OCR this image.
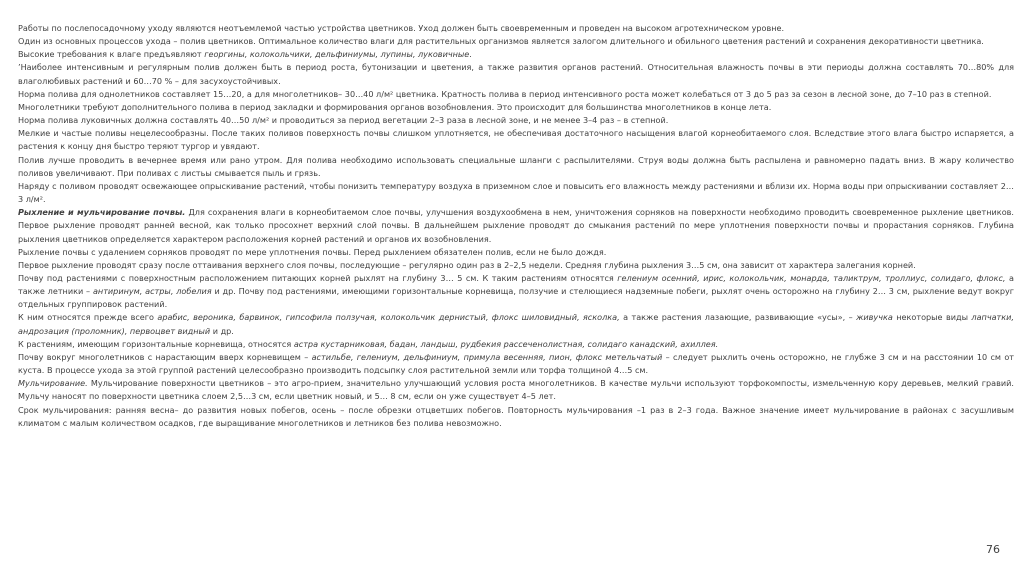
Работы по послепосадочному уходу являются неотъемлемой частью устройства цветников. Уход должен быть своевременным и проведен на высоком агротехническом уровне.

Один из основных процессов ухода – полив цветников. Оптимальное количество влаги для растительных организмов является залогом длительного и обильного цветения растений и сохранения декоративности цветника.

Высокие требования к влаге предъявляют георгины, колокольчики, дельфиниумы, лупины, луковичные.

’Наиболее интенсивным и регулярным полив должен быть в период роста, бутонизации и цветения, а также развития органов растений. Относительная влажность почвы в эти периоды должна составлять 70…80% для влаголюбивых растений и 60…70 % – для засухоустойчивых.

Норма полива для однолетников составляет 15…20, а для многолетников– 30…40 л/м² цветника. Кратность полива в период интенсивного роста может колебаться от 3 до 5 раз за сезон в лесной зоне, до 7–10 раз в степной.

Многолетники требуют дополнительного полива в период закладки и формирования органов возобновления. Это происходит для большинства многолетников в конце лета.

Норма полива луковичных должна составлять 40…50 л/м² и проводиться за период вегетации 2–3 раза в лесной зоне, и не менее 3–4 раз – в степной.

Мелкие и частые поливы нецелесообразны. После таких поливов поверхность почвы слишком уплотняется, не обеспечивая достаточного насыщения влагой корнеобитаемого слоя. Вследствие этого влага быстро испаряется, а растения к концу дня быстро теряют тургор и увядают.

Полив лучше проводить в вечернее время или рано утром. Для полива необходимо использовать специальные шланги с распылителями. Струя воды должна быть распылена и равномерно падать вниз. В жару количество поливов увеличивают. При поливах с листьы смывается пыль и грязь.

Наряду с поливом проводят освежающее опрыскивание растений, чтобы понизить температуру воздуха в приземном слое и повысить его влажность между растениями и вблизи их. Норма воды при опрыскивании составляет 2…3 л/м².

Рыхление и мульчирование почвы. Для сохранения влаги в корнеобитаемом слое почвы, улучшения воздухообмена в нем, уничтожения сорняков на поверхности необходимо проводить своевременное рыхление цветников. Первое рыхление проводят ранней весной, как только просохнет верхний слой почвы. В дальнейшем рыхление проводят до смыкания растений по мере уплотнения поверхности почвы и прорастания сорняков. Глубина рыхления цветников определяется характером расположения корней растений и органов их возобновления.

Рыхление почвы с удалением сорняков проводят по мере уплотнения почвы. Перед рыхлением обязателен полив, если не было дождя.

Первое рыхление проводят сразу после оттаивания верхнего слоя почвы, последующие – регулярно один раз в 2–2,5 недели. Средняя глубина рыхления 3…5 см, она зависит от характера залегания корней.

Почву под растениями с поверхностным расположением питающих корней рыхлят на глубину 3… 5 см. К таким растениям относятся гелениум осенний, ирис, колокольчик, монарда, таликтрум, троллиус, солидаго, флокс, а также летники – антиринум, астры, лобелия и др. Почву под растениями, имеющими горизонтальные корневища, ползучие и стелющиеся надземные побеги, рыхлят очень осторожно на глубину 2… 3 см, рыхление ведут вокруг отдельных группировок растений.

К ним относятся прежде всего арабис, вероника, барвинок, гипсофила ползучая, колокольчик дернистый, флокс шиловидный, ясколка, а также растения лазающие, развивающие «усы», – живучка некоторые виды лапчатки, андрозация (проломник), первоцвет видный и др.

К растениям, имеющим горизонтальные корневища, относятся астра кустарниковая, бадан, ландыш, рудбекия рассеченолистная, солидаго канадский, ахиллея.

Почву вокруг многолетников с нарастающим вверх корневищем – астильбе, гелениум, дельфиниум, примула весенняя, пион, флокс метельчатый – следует рыхлить очень осторожно, не глубже 3 см и на расстоянии 10 см от куста. В процессе ухода за этой группой растений целесообразно производить подсыпку слоя растительной земли или торфа толщиной 4…5 см.

Мульчирование. Мульчирование поверхности цветников – это агро-прием, значительно улучшающий условия роста многолетников. В качестве мульчи используют торфокомпосты, измельченную кору деревьев, мелкий гравий. Мульчу наносят по поверхности цветника слоем 2,5…3 см, если цветник новый, и 5… 8 см, если он уже существует 4–5 лет.

Срок мульчирования: ранняя весна– до развития новых побегов, осень – после обрезки отцветших побегов. Повторность мульчирования –1 раз в 2–3 года. Важное значение имеет мульчирование в районах с засушливым климатом с малым количеством осадков, где выращивание многолетников и летников без полива невозможно.

76
